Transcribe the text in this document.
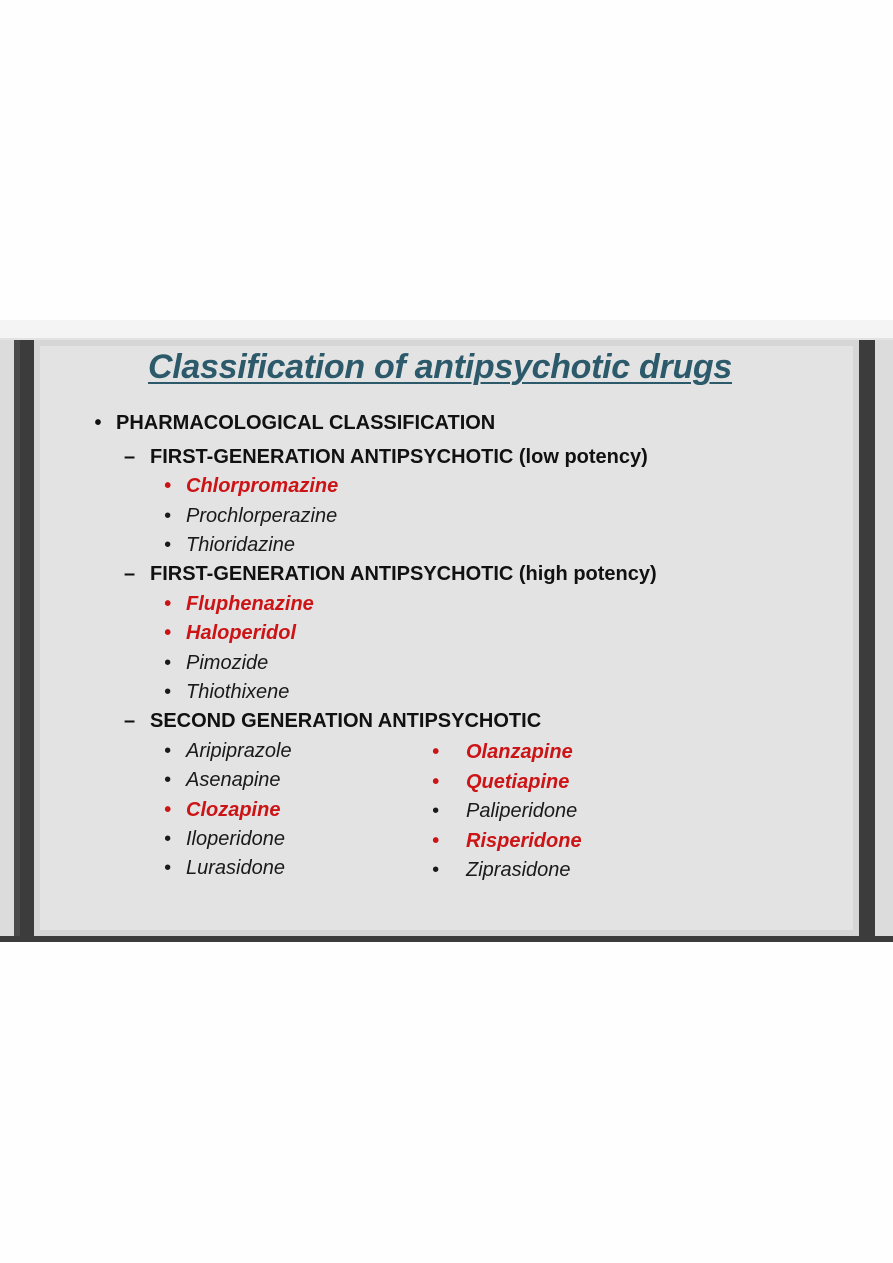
Classification of antipsychotic drugs
• PHARMACOLOGICAL CLASSIFICATION
– FIRST-GENERATION ANTIPSYCHOTIC (low potency)
• Chlorpromazine
• Prochlorperazine
• Thioridazine
– FIRST-GENERATION ANTIPSYCHOTIC (high potency)
• Fluphenazine
• Haloperidol
• Pimozide
• Thiothixene
– SECOND GENERATION ANTIPSYCHOTIC
• Aripiprazole
• Asenapine
• Clozapine
• Iloperidone
• Lurasidone
•	Olanzapine
•	Quetiapine
•	Paliperidone
•	Risperidone
•	Ziprasidone
